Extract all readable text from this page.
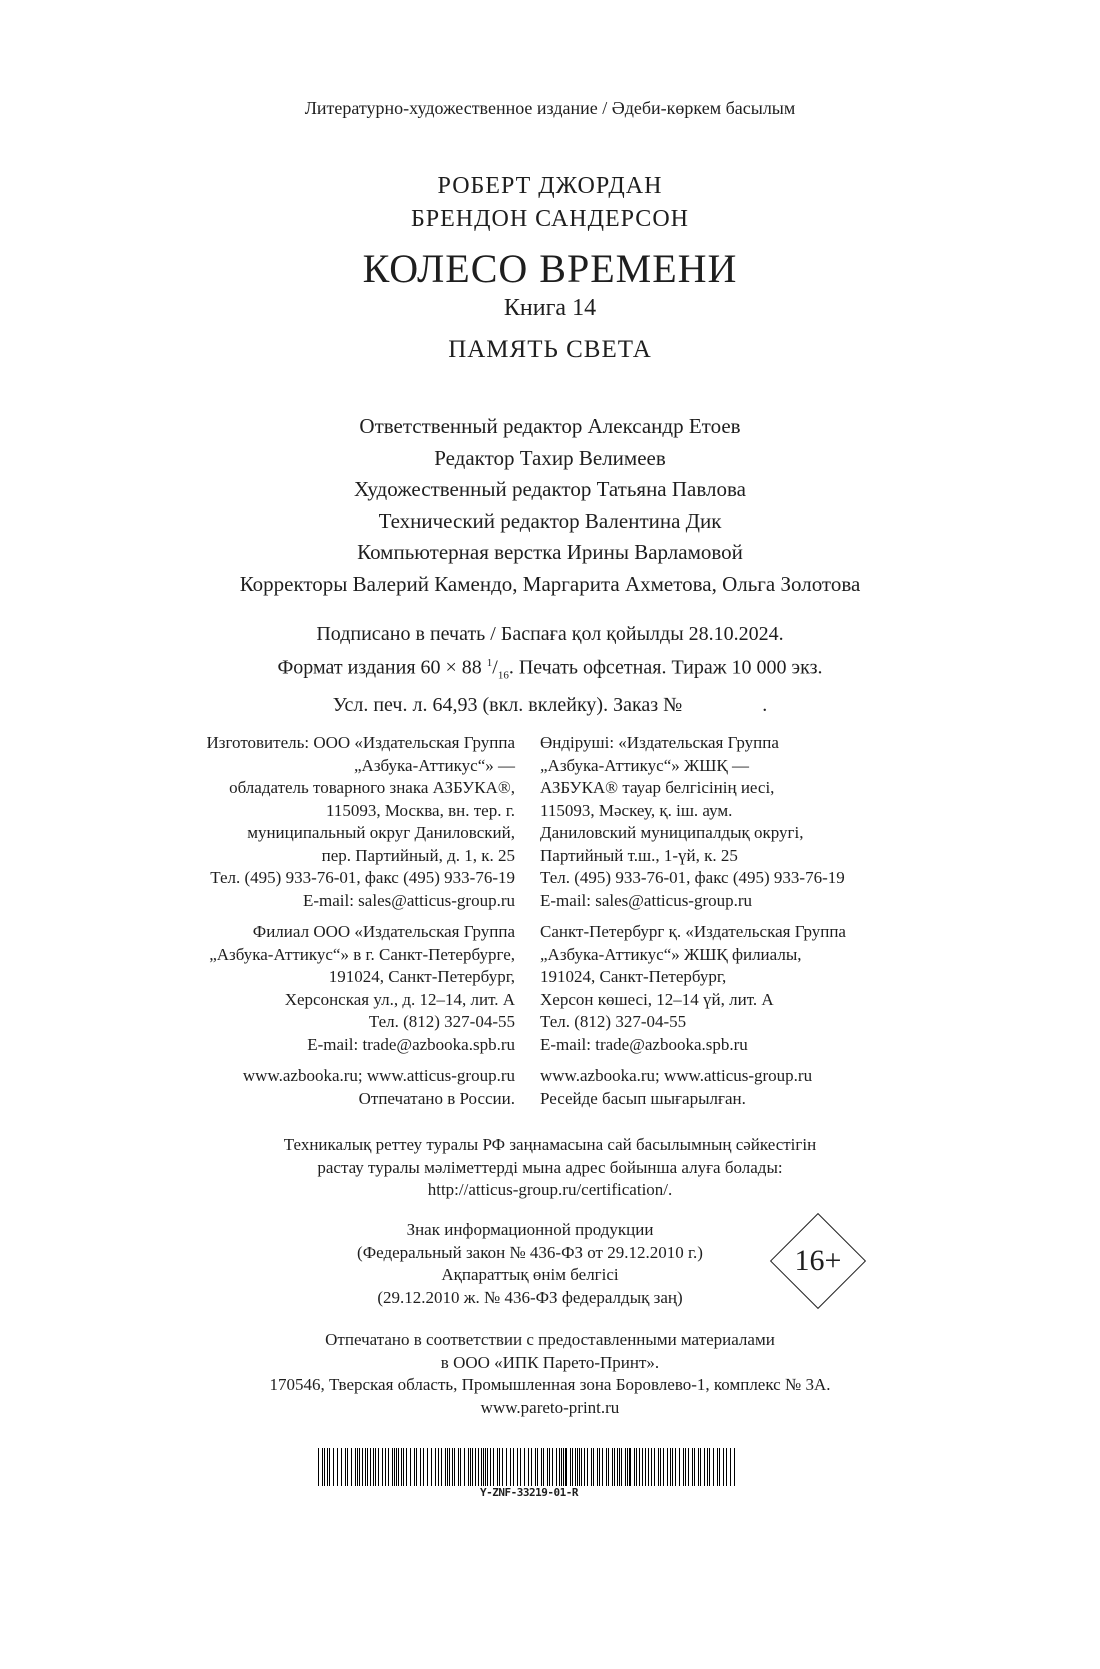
Литературно-художественное издание / Әдеби-көркем басылым
РОБЕРТ ДЖОРДАН
БРЕНДОН САНДЕРСОН
КОЛЕСО ВРЕМЕНИ
Книга 14
ПАМЯТЬ СВЕТА
Ответственный редактор Александр Етоев
Редактор Тахир Велимеев
Художественный редактор Татьяна Павлова
Технический редактор Валентина Дик
Компьютерная верстка Ирины Варламовой
Корректоры Валерий Камендо, Маргарита Ахметова, Ольга Золотова
Подписано в печать / Баспаға қол қойылды 28.10.2024.
Формат издания 60 × 88 $^1/_{16}$. Печать офсетная. Тираж 10 000 экз.
Усл. печ. л. 64,93 (вкл. вклейку). Заказ №                .
Изготовитель: ООО «Издательская Группа
„Азбука-Аттикус“» —
обладатель товарного знака АЗБУКА®,
115093, Москва, вн. тер. г.
муниципальный округ Даниловский,
пер. Партийный, д. 1, к. 25
Тел. (495) 933-76-01, факс (495) 933-76-19
E-mail: sales@atticus-group.ru
Филиал ООО «Издательская Группа
„Азбука-Аттикус“» в г. Санкт-Петербурге,
191024, Санкт-Петербург,
Херсонская ул., д. 12–14, лит. А
Тел. (812) 327-04-55
E-mail: trade@azbooka.spb.ru
www.azbooka.ru; www.atticus-group.ru
Отпечатано в России.
Өндіруші: «Издательская Группа
„Азбука-Аттикус“» ЖШҚ —
АЗБУКА® тауар белгісінің иесі,
115093, Мәскеу, қ. іш. аум.
Даниловский муниципалдық округі,
Партийный т.ш., 1-үй, к. 25
Тел. (495) 933-76-01, факс (495) 933-76-19
E-mail: sales@atticus-group.ru
Санкт-Петербург қ. «Издательская Группа
„Азбука-Аттикус“» ЖШҚ филиалы,
191024, Санкт-Петербург,
Херсон көшесі, 12–14 үй, лит. А
Тел. (812) 327-04-55
E-mail: trade@azbooka.spb.ru
www.azbooka.ru; www.atticus-group.ru
Ресейде басып шығарылған.
Техникалық реттеу туралы РФ заңнамасына сай басылымның сәйкестігін
растау туралы мәліметтерді мына адрес бойынша алуға болады:
http://atticus-group.ru/certification/.
Знак информационной продукции
(Федеральный закон № 436-ФЗ от 29.12.2010 г.)
Ақпараттық өнім белгісі
(29.12.2010 ж. № 436-ФЗ федералдық заң)
16+
Отпечатано в соответствии с предоставленными материалами
в ООО «ИПК Парето-Принт».
170546, Тверская область, Промышленная зона Боровлево-1, комплекс № 3А.
www.pareto-print.ru
Y-ZNF-33219-01-R
